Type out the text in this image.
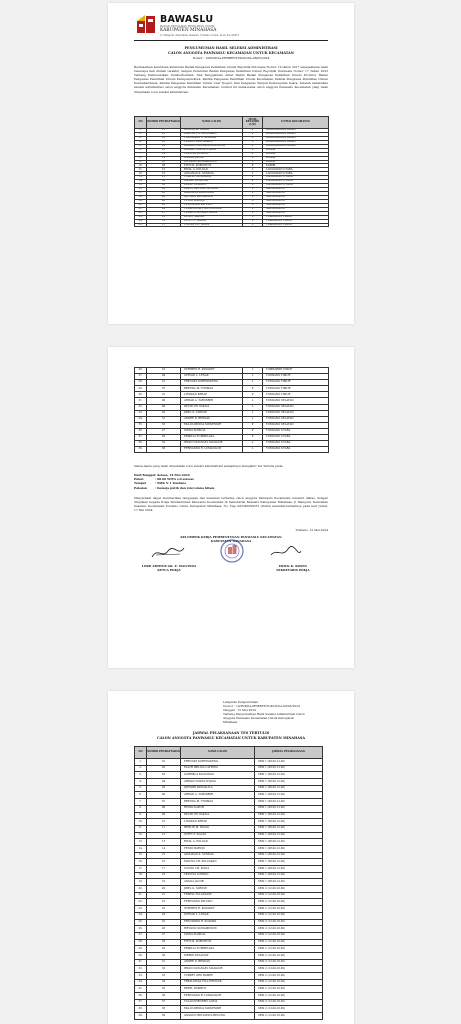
BAWASLU
BADAN PENGAWAS PEMILIHAN UMUM
KABUPATEN MINAHASA
Jl. Manguni, Kelurahan Sasaran, Tondano Utara, Kode Pos 95615
PENGUMUMAN HASIL SELEKSI ADMINISTRASI
CALON ANGGOTA PANWASLU KECAMATAN UNTUK KECAMATAN
Nomor : 10/PGKOA-PEMBENTUKAN/SA-08/05/2024
Berdasarkan ketentuan Peraturan Badan Pengawas Pemilihan Umum Republik Indonesia Nomor 19 tahun 2017 sebagaimana telah beberapa kali diubah terakhir dengan Peraturan Badan Pengawas Pemilihan Umum Republik Indonesia Nomor 17 Tahun 2023 Tentang Pembentukan, Pemberhentian, Dan Penggantian Antar Waktu Badan Pengawas Pemilihan Umum Provinsi, Badan Pengawas Pemilihan Umum Kabupaten/Kota, Panitia Pengawas Pemilihan Umum Kecamatan, Panitia Pengawas Pemilihan Umum Kelurahan/Desa, Panitia Pengawas Pemilihan Umum Luar Negeri, Dan Pengawas Tempat Pemungutan Suara. Setelah melakukan seleksi administrasi calon anggota Panwaslu Kecamatan, berikut ini nama-nama calon anggota Panwaslu Kecamatan yang telah dinyatakan lolos seleksi administrasi:
NO	NOMOR PENDAFTARAN	NAMA CALON	JENIS KELAMIN (L/P)	UNTUK KECAMATAN
1.	11	HERLIN M. RATAG	P	KAWANGKOAN BARAT
2.	16	MILITIA CH. POLUAKAN	P	KAWANGKOAN BARAT
3.	25	FRANSISKO R. KOAMPA	L	KAWANGKOAN BARAT
4.	23	YUBERT ORO RAMPE	L	KAWANGKOAN BARAT
5.	29	ANGGUN BELAVISTA BELUNG	P	KAWANGKOAN BARAT
6.	10	AHMAD YUDHA WIJAYA	L	KOMBI
7.	14	YESNITA LOWING	P	KOMBI
8.	19	ANGGA JACOB	L	KOMBI
9.	26	RIFVANO SUMAMPOUW	L	KOMBI
10.	28	FITH M. KOBONTOY	P	KOMBI
11.	13	RIVAL A. POLUAN	L	LANGOWAN UTARA
12.	15	ALVIANAS K. SUMUAL	L	LANGOWAN UTARA
13.	21	TRISHA TULANGOW	P	LANGOWAN UTARA
14.	30	MERKE KELATOW	P	LANGOWAN UTARA
15.	35	REZEL ROMBOT	L	LANGOWAN UTARA
16.	02	FAATH MELISA CATRINA	P	MANDOLANG
17.	03	GABRIELA KALUMATA	P	MANDOLANG
18.	05	DJENDRI PANGALILA	L	MANDOLANG
19.	08	FENDI WARUJU	L	MANDOLANG
20.	22	FERNANDO PATUWO	L	MANDOLANG
21.	24	TERALOWSA FILA HENDUK	P	MANDOLANG
22.	27	YULANI HENDRO LANGI	L	MANDOLANG
23.	12	HENRY KAPOH	L	TOMBARIRI TIMUR
24.	13	STEFY F. WAANI	P	TOMBARIRI TIMUR
25.	17	YOUNG CH. WANA	L	TOMBARIRI TIMUR
26.	23	STEPHEN R. PANGKEY	L	TOMBARIRI TIMUR
27.	04	STEVAN L. LENAK	L	TONDANO TIMUR
28.	01	FRENGKY KORENGKENG	L	TONDANO TIMUR
29.	07	BRENDA M. THOMAS	P	TONDANO TIMUR
30.	10	LINGKAN KERAP	P	TONDANO TIMUR
31.	06	ARWAD A. TAROSBIRI	L	TONDANO SELATAN
32.	09	DEVID CH. PAKILA	L	TONDANO SELATAN
33.	20	JIBEL G. TAROSE	L	TONDANO SELATAN
34.	31	ANDRE D. BENDAU	L	TONDANO SELATAN
35.	33	EKA DUMINDA MAWENDIR	P	TONDANO SELATAN
36.	27	SINDA SUMUAL	P	TONDANO UTARA
37.	29	PRISILIA TUMBELAKA	P	TONDANO UTARA
38.	32	IRVAN NATANAEL MAILOOR	L	TONDANO UTARA
39.	36	FERNANDO R. LUMANAUW	L	TONDANO UTARA
Nama-nama yang telah dinyatakan lolos seleksi administrasi selanjutnya mengikuti Tes Tertulis pada:
Hari/Tanggal: Selasa, 14 Mei 2024
Pukul	: 08.00 WITA s.d selesai
Tempat	: SMK N 1 Tondano
Pakaian	: Kemeja putih dan rok/celana hitam
Masyarakat dapat memberikan tanggapan dan masukan terhadap calon anggota Panwaslu Kecamatan tersebut diatas, dengan ditujukan kepada Pokja Pembentukan Panwaslu Kecamatan di Sekretariat Bawaslu Kabupaten Minahasa, Jl Manguni, Kelurahan Sasaran, Kecamatan Tondano Utara, Kabupaten Minahasa, No. Telp 082345699551 (Dafid) selambat-lambatnya pada hari Jumat, 17 Mei 2024.
Tondano, 12 Mei 2024
KELOMPOK KERJA PEMBENTUKAN PANWASLU KECAMATAN
KABUPATEN MINAHASA
LORD ARTHUR GR. E. MALONDA
KETUA POKJA
ERICK K. KOSEN
SEKRETARIS POKJA
Lampiran Pengumuman
Nomor : 10/PGKOA-PEMBENTUKAN/SA-08/05/2024
Tanggal : 12 Mei 2024
Tentang Pengumuman Hasil Seleksi Administrasi Calon
Anggota Panwaslu Kecamatan Untuk Kabupaten
Minahasa
JADWAL PELAKSANAAN TES TERTULIS
CALON ANGGOTA PANWASLU KECAMATAN UNTUK KABUPATEN MINAHASA
NO	NOMOR PENDAFTARAN	NAMA CALON	JADWAL PELAKSANAAN
1.	01	FRENGKY KORENGKENG	SESI 1 (08.00-12.00)
2.	02	FAATH MELISA CATRINA	SESI 1 (08.00-12.00)
3.	03	GABRIELA KALUMATA	SESI 1 (08.00-12.00)
4.	04	AHMAD YUDHA WIJAYA	SESI 1 (08.00-12.00)
5.	05	DJENDRI PANGALILA	SESI 1 (08.00-12.00)
6.	06	ARWAD A. TAROSBIRI	SESI 1 (08.00-12.00)
7.	07	BRENDA M. THOMAS	SESI 1 (08.00-12.00)
8.	08	HENDI KAPOH	SESI 1 (08.00-12.00)
9.	09	DEVID CH. PAKILA	SESI 1 (08.00-12.00)
10.	10	LINGKAN KERAP	SESI 1 (08.00-12.00)
11.	11	HERLIN M. RATAG	SESI 1 (08.00-12.00)
12.	12	STEFY F. WAANI	SESI 1 (08.00-12.00)
13.	13	RIVAL A. POLUAN	SESI 1 (08.00-12.00)
14.	14	FENDI WARUJU	SESI 1 (08.00-12.00)
15.	15	ALVIANAS K. SUMUAL	SESI 1 (08.00-12.00)
16.	16	MILITIA CH. POLUAKAN	SESI 1 (08.00-12.00)
17.	17	YOUNG CH. WANA	SESI 1 (08.00-12.00)
18.	18	YESNITA LOWING	SESI 1 (08.00-12.00)
19.	19	ANGGA JACOB	SESI 1 (08.00-12.00)
20.	20	JIBEL G. TAROSE	SESI 2 (12.00-16.00)
21.	21	TRISHA TULANGOW	SESI 2 (12.00-16.00)
22.	22	FERNANDO PATUWO	SESI 2 (12.00-16.00)
23.	23	STEPHEN R. PANGKEY	SESI 2 (12.00-16.00)
24.	24	STEVAN L. LENAK	SESI 2 (12.00-16.00)
25.	25	FRANSISKO R. KOAMPA	SESI 2 (12.00-16.00)
26.	26	RIFVANO SUMAMPOUW	SESI 2 (12.00-16.00)
27.	27	SINDA SUMUAL	SESI 2 (12.00-16.00)
28.	28	FITH M. KOBONTOY	SESI 2 (12.00-16.00)
29.	29	PRISILIA TUMBELAKA	SESI 2 (12.00-16.00)
30.	30	MERKE KELATOW	SESI 2 (12.00-16.00)
31.	31	ANDRE D. BENDAU	SESI 2 (12.00-16.00)
32.	32	IRVAN NATANAEL MAILOOR	SESI 2 (12.00-16.00)
33.	33	YUBERT ORO RAMPE	SESI 2 (12.00-16.00)
34.	34	TERALOWSA FILA HENDUK	SESI 2 (12.00-16.00)
35.	35	REZEL ROMBOT	SESI 2 (12.00-16.00)
36.	36	FERNANDO R. LUMANAUW	SESI 2 (12.00-16.00)
37.	37	YULANI HENDRO LANGI	SESI 2 (12.00-16.00)
38.	38	EKA DUMINDA MAWENDIR	SESI 2 (12.00-16.00)
39.	39	ANGGUN BELAVISTA BELUNG	SESI 2 (12.00-16.00)
